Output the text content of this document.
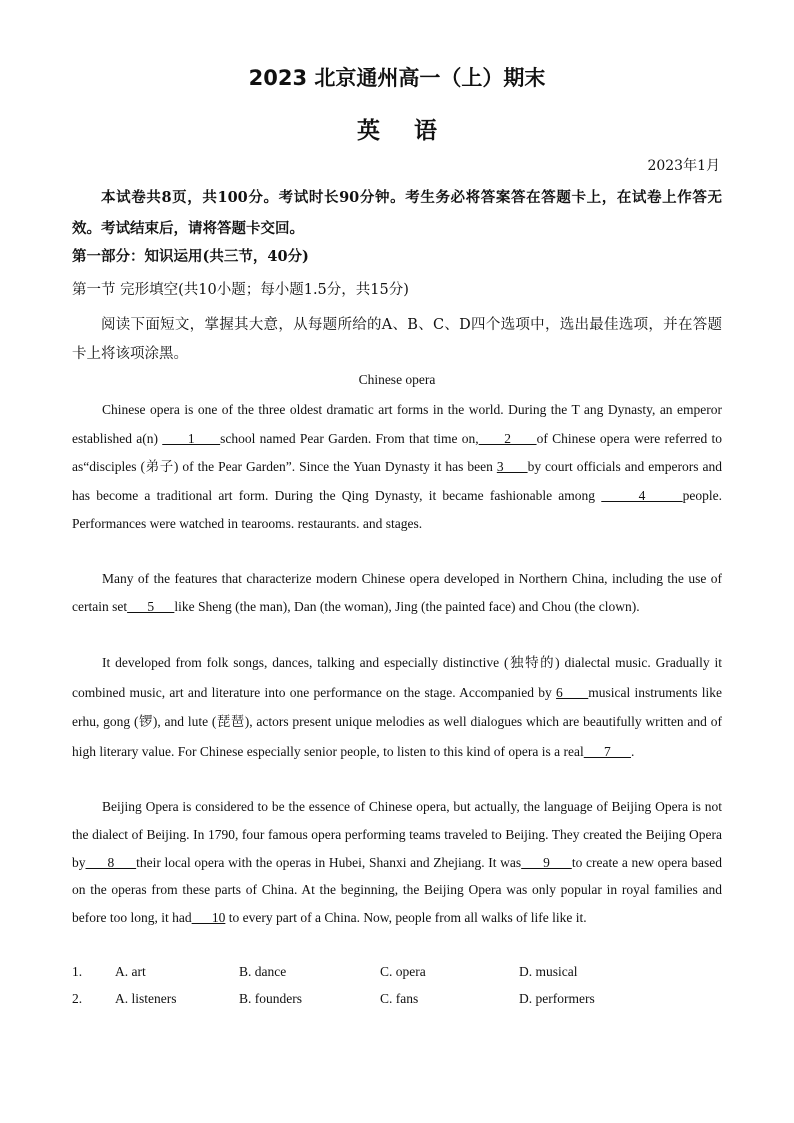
2023 北京通州高一（上）期末
英语
2023年1月
本试卷共8页，共100分。考试时长90分钟。考生务必将答案答在答题卡上，在试卷上作答无效。考试结束后，请将答题卡交回。
第一部分：知识运用(共三节，40分)
第一节 完形填空(共10小题；每小题1.5分，共15分)
阅读下面短文，掌握其大意，从每题所给的A、B、C、D四个选项中，选出最佳选项，并在答题卡上将该项涂黑。
Chinese opera
Chinese opera is one of the three oldest dramatic art forms in the world. During the T ang Dynasty, an emperor established a(n)       1      school named Pear Garden. From that time on,      2      of Chinese opera were referred to as“disciples (弟子) of the Pear Garden”. Since the Yuan Dynasty it has been 3      by court officials and emperors and has become a traditional art form. During the Qing Dynasty, it became fashionable among       4      people. Performances were watched in tearooms. restaurants. and stages.
Many of the features that characterize modern Chinese opera developed in Northern China, including the use of certain set      5      like Sheng (the man), Dan (the woman), Jing (the painted face) and Chou (the clown).
It developed from folk songs, dances, talking and especially distinctive (独特的) dialectal music. Gradually it combined music, art and literature into one performance on the stage. Accompanied by 6      musical instruments like erhu, gong (锣), and lute (琵琶), actors present unique melodies as well dialogues which are beautifully written and of high literary value. For Chinese especially senior people, to listen to this kind of opera is a real      7      .
Beijing Opera is considered to be the essence of Chinese opera, but actually, the language of Beijing Opera is not the dialect of Beijing. In 1790, four famous opera performing teams traveled to Beijing. They created the Beijing Opera by      8      their local opera with the operas in Hubei, Shanxi and Zhejiang. It was      9      to create a new opera based on the operas from these parts of China. At the beginning, the Beijing Opera was only popular in royal families and before too long, it had      10 to every part of a China. Now, people from all walks of life like it.
1. A. art	B. dance	C. opera	D. musical
2. A. listeners	B. founders	C. fans	D. performers
